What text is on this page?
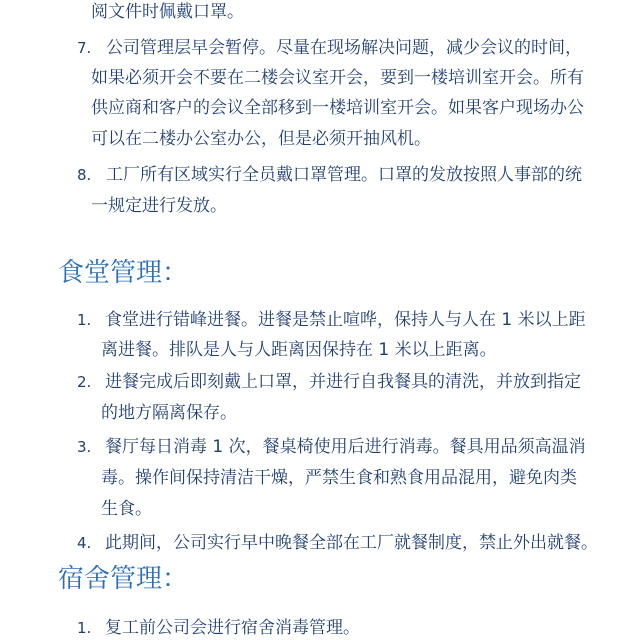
阅文件时佩戴口罩。
7. 公司管理层早会暂停。尽量在现场解决问题，减少会议的时间，
如果必须开会不要在二楼会议室开会，要到一楼培训室开会。所有
供应商和客户的会议全部移到一楼培训室开会。如果客户现场办公
可以在二楼办公室办公，但是必须开抽风机。
8. 工厂所有区域实行全员戴口罩管理。口罩的发放按照人事部的统
一规定进行发放。
食堂管理：
1. 食堂进行错峰进餐。进餐是禁止喧哗，保持人与人在 1 米以上距
离进餐。排队是人与人距离因保持在 1 米以上距离。
2. 进餐完成后即刻戴上口罩，并进行自我餐具的清洗，并放到指定
的地方隔离保存。
3. 餐厅每日消毒 1 次，餐桌椅使用后进行消毒。餐具用品须高温消
毒。操作间保持清洁干燥，严禁生食和熟食用品混用，避免肉类
生食。
4. 此期间，公司实行早中晚餐全部在工厂就餐制度，禁止外出就餐。
宿舍管理：
1. 复工前公司会进行宿舍消毒管理。
